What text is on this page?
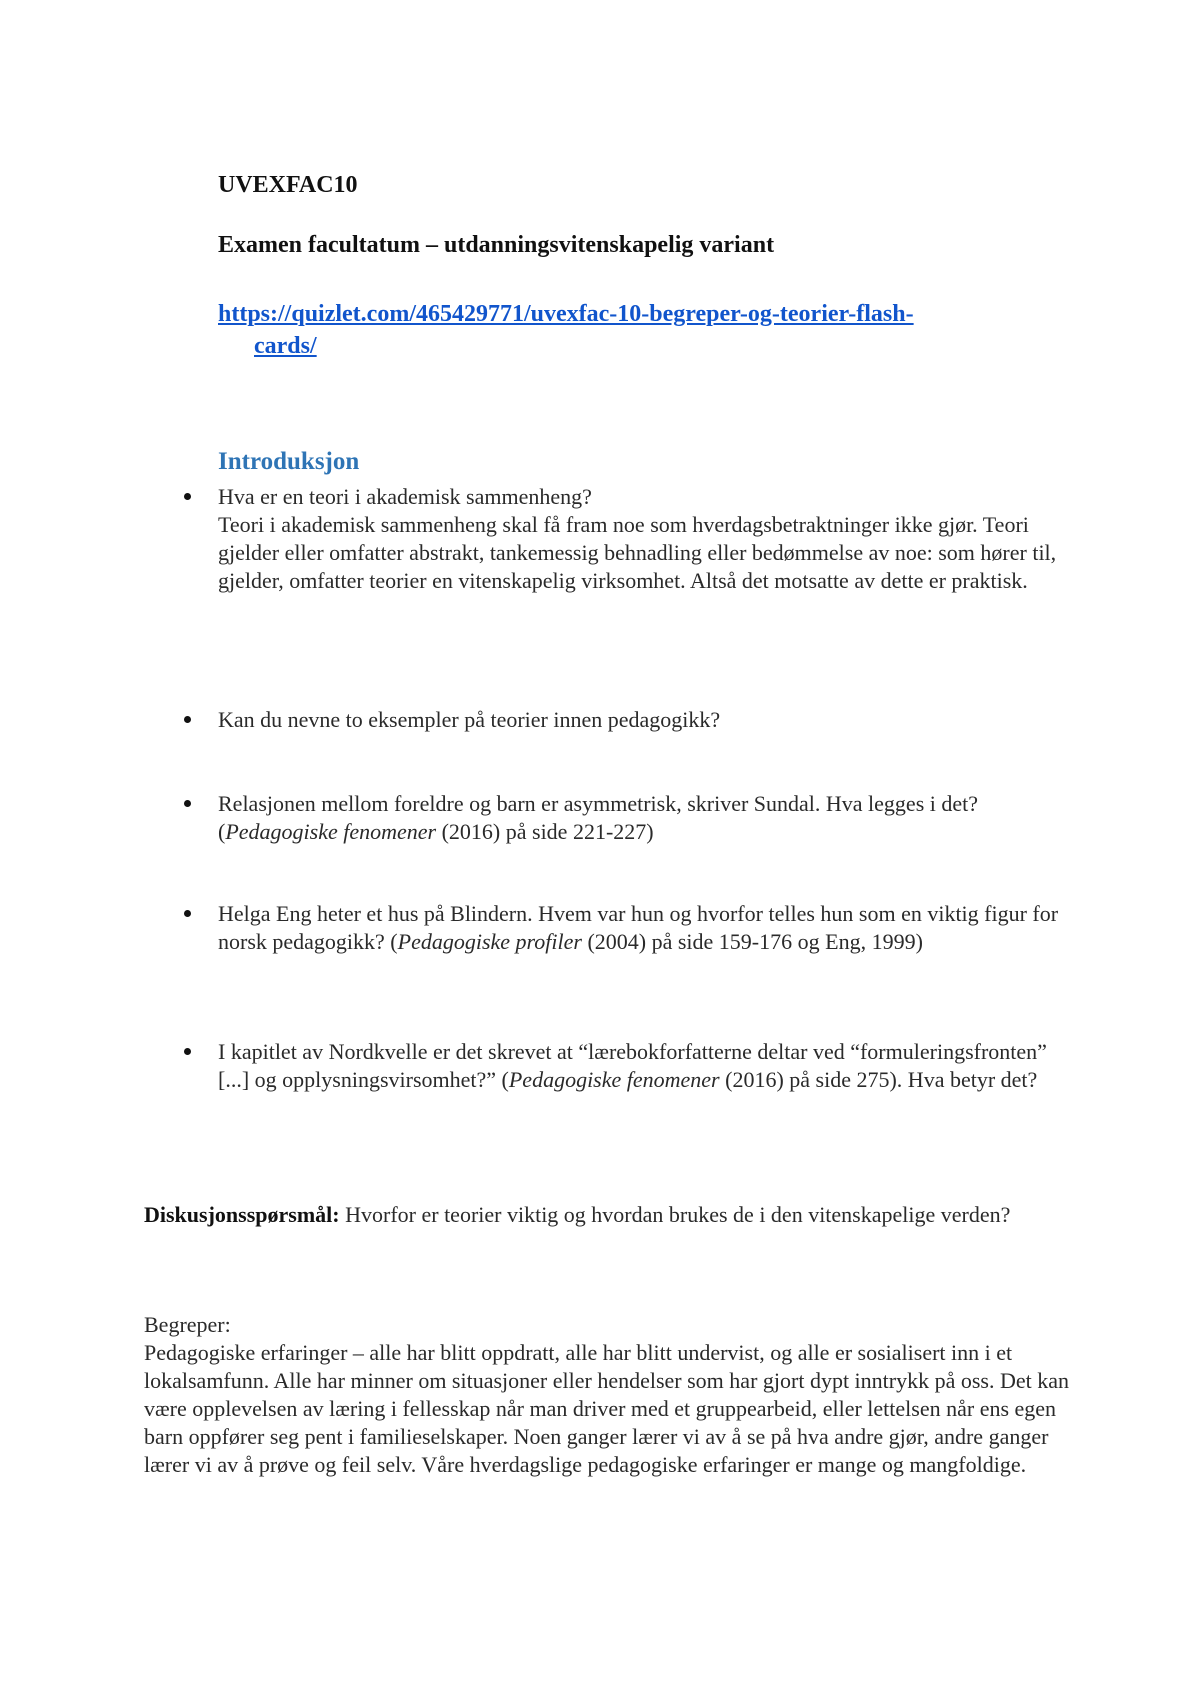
UVEXFAC10
Examen facultatum – utdanningsvitenskapelig variant
https://quizlet.com/465429771/uvexfac-10-begreper-og-teorier-flash-
cards/
Introduksjon
Hva er en teori i akademisk sammenheng?
Teori i akademisk sammenheng skal få fram noe som hverdagsbetraktninger ikke gjør. Teori gjelder eller omfatter abstrakt, tankemessig behnadling eller bedømmelse av noe: som hører til, gjelder, omfatter teorier en vitenskapelig virksomhet. Altså det motsatte av dette er praktisk.
Kan du nevne to eksempler på teorier innen pedagogikk?
Relasjonen mellom foreldre og barn er asymmetrisk, skriver Sundal. Hva legges i det? (Pedagogiske fenomener (2016) på side 221-227)
Helga Eng heter et hus på Blindern. Hvem var hun og hvorfor telles hun som en viktig figur for norsk pedagogikk? (Pedagogiske profiler (2004) på side 159-176 og Eng, 1999)
I kapitlet av Nordkvelle er det skrevet at “lærebokforfatterne deltar ved “formuleringsfronten” [...] og opplysningsvirsomhet?” (Pedagogiske fenomener (2016) på side 275). Hva betyr det?
Diskusjonsspørsmål: Hvorfor er teorier viktig og hvordan brukes de i den vitenskapelige verden?
Begreper:
Pedagogiske erfaringer – alle har blitt oppdratt, alle har blitt undervist, og alle er sosialisert inn i et lokalsamfunn. Alle har minner om situasjoner eller hendelser som har gjort dypt inntrykk på oss. Det kan være opplevelsen av læring i fellesskap når man driver med et gruppearbeid, eller lettelsen når ens egen barn oppfører seg pent i familieselskaper. Noen ganger lærer vi av å se på hva andre gjør, andre ganger lærer vi av å prøve og feil selv. Våre hverdagslige pedagogiske erfaringer er mange og mangfoldige.
